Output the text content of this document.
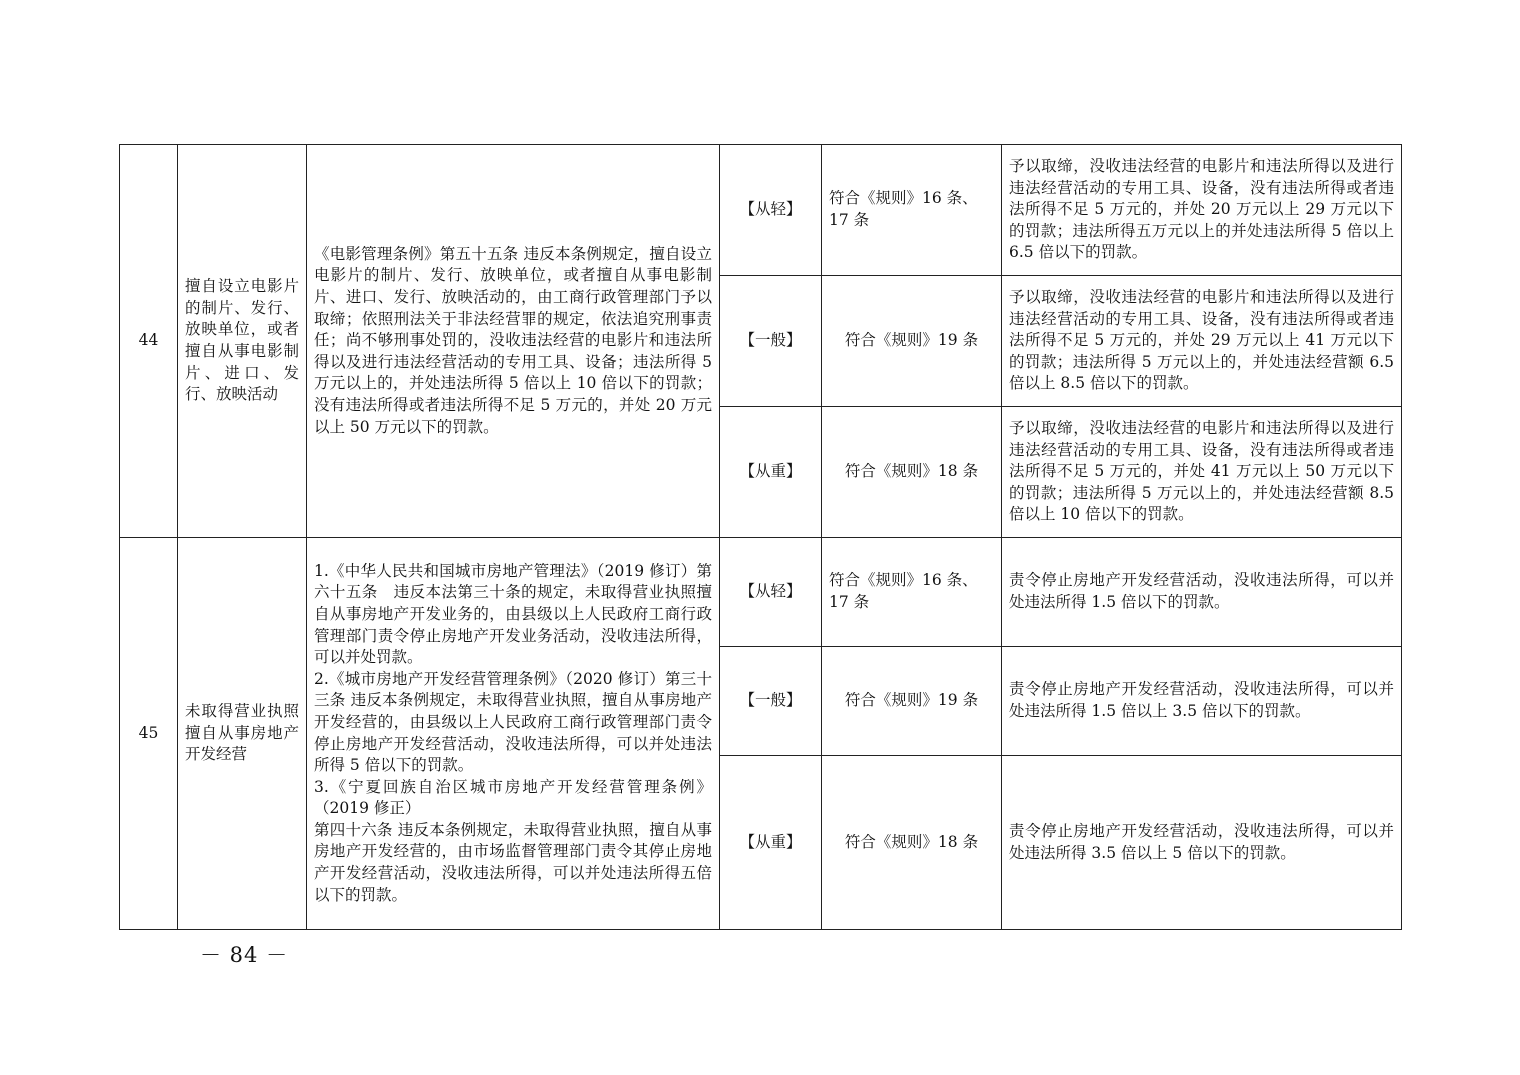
44	擅自设立电影片的制片、发行、放映单位，或者擅自从事电影制片、进口、发行、放映活动	《电影管理条例》第五十五条 违反本条例规定，擅自设立电影片的制片、发行、放映单位，或者擅自从事电影制片、进口、发行、放映活动的，由工商行政管理部门予以取缔；依照刑法关于非法经营罪的规定，依法追究刑事责任；尚不够刑事处罚的，没收违法经营的电影片和违法所得以及进行违法经营活动的专用工具、设备；违法所得 5 万元以上的，并处违法所得 5 倍以上 10 倍以下的罚款；没有违法所得或者违法所得不足 5 万元的，并处 20 万元以上 50 万元以下的罚款。	【从轻】	符合《规则》16 条、17 条	予以取缔，没收违法经营的电影片和违法所得以及进行违法经营活动的专用工具、设备，没有违法所得或者违法所得不足 5 万元的，并处 20 万元以上 29 万元以下的罚款；违法所得五万元以上的并处违法所得 5 倍以上 6.5 倍以下的罚款。
			【一般】	符合《规则》19 条	予以取缔，没收违法经营的电影片和违法所得以及进行违法经营活动的专用工具、设备，没有违法所得或者违法所得不足 5 万元的，并处 29 万元以上 41 万元以下的罚款；违法所得 5 万元以上的，并处违法经营额 6.5 倍以上 8.5 倍以下的罚款。
			【从重】	符合《规则》18 条	予以取缔，没收违法经营的电影片和违法所得以及进行违法经营活动的专用工具、设备，没有违法所得或者违法所得不足 5 万元的，并处 41 万元以上 50 万元以下的罚款；违法所得 5 万元以上的，并处违法经营额 8.5 倍以上 10 倍以下的罚款。
45	未取得营业执照擅自从事房地产开发经营	1.《中华人民共和国城市房地产管理法》（2019 修订）第六十五条　违反本法第三十条的规定，未取得营业执照擅自从事房地产开发业务的，由县级以上人民政府工商行政管理部门责令停止房地产开发业务活动，没收违法所得，可以并处罚款。
2.《城市房地产开发经营管理条例》（2020 修订）第三十三条 违反本条例规定，未取得营业执照，擅自从事房地产开发经营的，由县级以上人民政府工商行政管理部门责令停止房地产开发经营活动，没收违法所得，可以并处违法所得 5 倍以下的罚款。
3.《宁夏回族自治区城市房地产开发经营管理条例》（2019 修正）
第四十六条 违反本条例规定，未取得营业执照，擅自从事房地产开发经营的，由市场监督管理部门责令其停止房地产开发经营活动，没收违法所得，可以并处违法所得五倍以下的罚款。	【从轻】	符合《规则》16 条、17 条	责令停止房地产开发经营活动，没收违法所得，可以并处违法所得 1.5 倍以下的罚款。
			【一般】	符合《规则》19 条	责令停止房地产开发经营活动，没收违法所得，可以并处违法所得 1.5 倍以上 3.5 倍以下的罚款。
			【从重】	符合《规则》18 条	责令停止房地产开发经营活动，没收违法所得，可以并处违法所得 3.5 倍以上 5 倍以下的罚款。
－ 84 －
